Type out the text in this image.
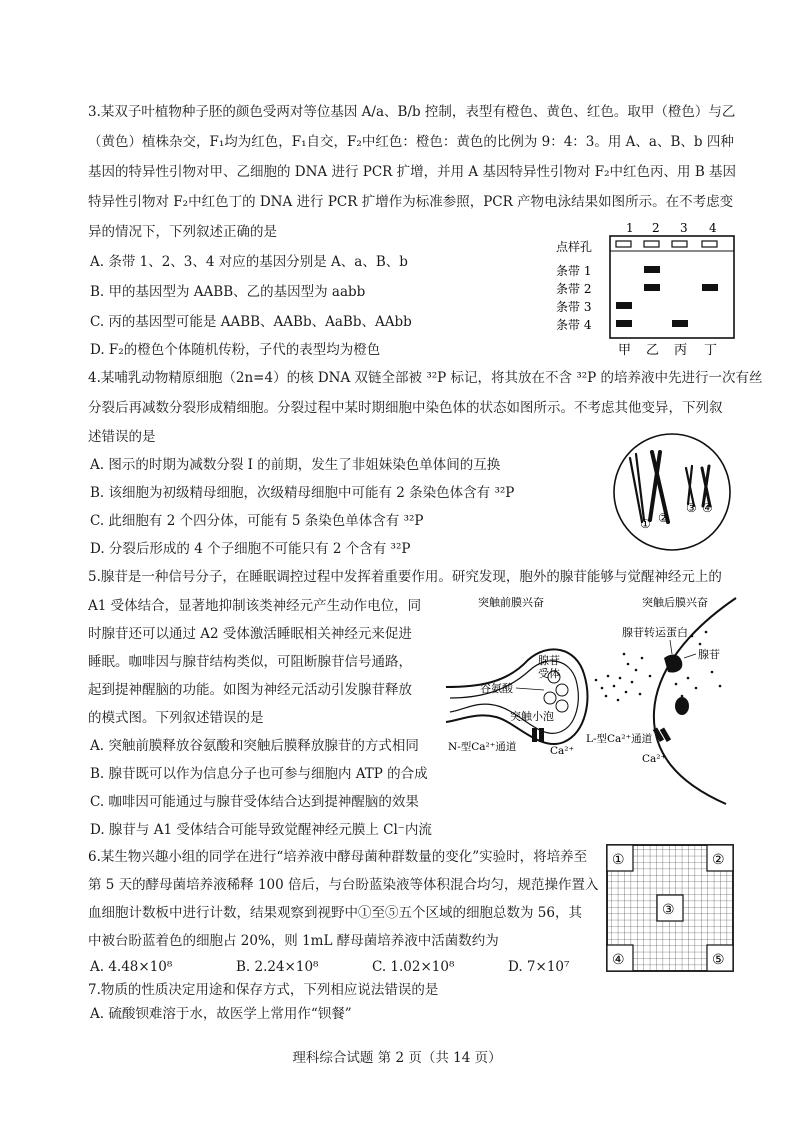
3.某双子叶植物种子胚的颜色受两对等位基因 A/a、B/b 控制，表型有橙色、黄色、红色。取甲（橙色）与乙
（黄色）植株杂交，F₁均为红色，F₁自交，F₂中红色：橙色：黄色的比例为 9：4：3。用 A、a、B、b 四种
基因的特异性引物对甲、乙细胞的 DNA 进行 PCR 扩增，并用 A 基因特异性引物对 F₂中红色丙、用 B 基因
特异性引物对 F₂中红色丁的 DNA 进行 PCR 扩增作为标准参照，PCR 产物电泳结果如图所示。在不考虑变
异的情况下，下列叙述正确的是
A. 条带 1、2、3、4 对应的基因分别是 A、a、B、b
B. 甲的基因型为 AABB、乙的基因型为 aabb
C. 丙的基因型可能是 AABB、AABb、AaBb、AAbb
D. F₂的橙色个体随机传粉，子代的表型均为橙色
1 2 3 4
点样孔
条带 1
条带 2
条带 3
条带 4
甲 乙 丙 丁
4.某哺乳动物精原细胞（2n=4）的核 DNA 双链全部被 ³²P 标记，将其放在不含 ³²P 的培养液中先进行一次有丝
分裂后再减数分裂形成精细胞。分裂过程中某时期细胞中染色体的状态如图所示。不考虑其他变异，下列叙
述错误的是
A. 图示的时期为减数分裂 I 的前期，发生了非姐妹染色单体间的互换
B. 该细胞为初级精母细胞，次级精母细胞中可能有 2 条染色体含有 ³²P
C. 此细胞有 2 个四分体，可能有 5 条染色单体含有 ³²P
D. 分裂后形成的 4 个子细胞不可能只有 2 个含有 ³²P
① ②
③ ④
5.腺苷是一种信号分子，在睡眠调控过程中发挥着重要作用。研究发现，胞外的腺苷能够与觉醒神经元上的
A1 受体结合，显著地抑制该类神经元产生动作电位，同
时腺苷还可以通过 A2 受体激活睡眠相关神经元来促进
睡眠。咖啡因与腺苷结构类似，可阻断腺苷信号通路，
起到提神醒脑的功能。如图为神经元活动引发腺苷释放
的模式图。下列叙述错误的是
A. 突触前膜释放谷氨酸和突触后膜释放腺苷的方式相同
B. 腺苷既可以作为信息分子也可参与细胞内 ATP 的合成
C. 咖啡因可能通过与腺苷受体结合达到提神醒脑的效果
D. 腺苷与 A1 受体结合可能导致觉醒神经元膜上 Cl⁻内流
突触前膜兴奋	突触后膜兴奋
腺苷转运蛋白
腺苷
腺苷
受体
谷氨酸
突触小泡
N-型Ca²⁺通道	Ca²⁺
L-型Ca²⁺通道
Ca²⁺
6.某生物兴趣小组的同学在进行“培养液中酵母菌种群数量的变化”实验时，将培养至
第 5 天的酵母菌培养液稀释 100 倍后，与台盼蓝染液等体积混合均匀，规范操作置入
血细胞计数板中进行计数，结果观察到视野中①至⑤五个区域的细胞总数为 56，其
中被台盼蓝着色的细胞占 20%，则 1mL 酵母菌培养液中活菌数约为
A. 4.48×10⁸	B. 2.24×10⁸	C. 1.02×10⁸	D. 7×10⁷
①	②
③
④	⑤
7.物质的性质决定用途和保存方式，下列相应说法错误的是
A. 硫酸钡难溶于水，故医学上常用作“钡餐”
理科综合试题 第 2 页（共 14 页）
